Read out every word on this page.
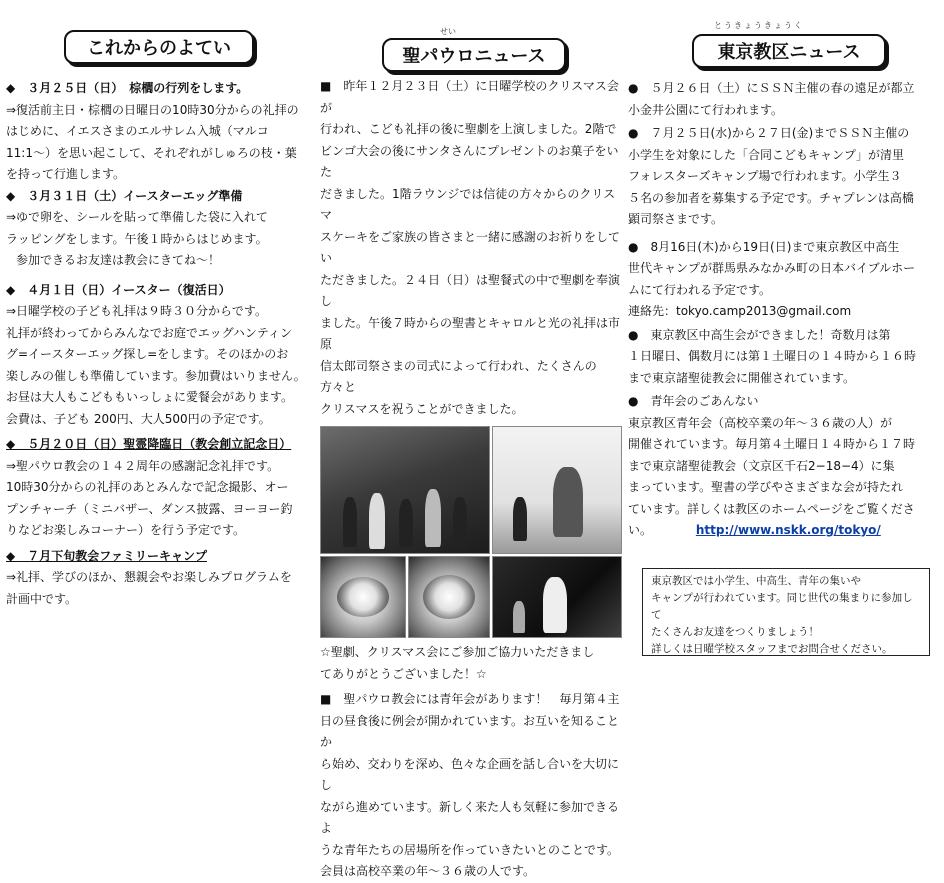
これからのよてい
◆　３月２５日（日）　棕櫚の行列をします。
⇒復活前主日・棕櫚の日曜日の10時30分からの礼拝の
はじめに、イエスさまのエルサレム入城（マルコ
11:1～）を思い起こして、それぞれがしゅろの枝・葉
を持って行進します。
◆　３月３１日（土）イースターエッグ準備
⇒ゆで卵を、シールを貼って準備した袋に入れて
ラッピングをします。午後１時からはじめます。
参加できるお友達は教会にきてね～！
◆　４月１日（日）イースター（復活日）
⇒日曜学校の子ども礼拝は９時３０分からです。
礼拝が終わってからみんなでお庭でエッグハンティン
グ=イースターエッグ探し=をします。そのほかのお
楽しみの催しも準備しています。参加費はいりません。
お昼は大人もこどももいっしょに愛餐会があります。
会費は、子ども 200円、大人500円の予定です。
◆　５月２０日（日）聖霊降臨日（教会創立記念日）
⇒聖パウロ教会の１４２周年の感謝記念礼拝です。
10時30分からの礼拝のあとみんなで記念撮影、オー
プンチャーチ（ミニバザー、ダンス披露、ヨーヨー釣
りなどお楽しみコーナー）を行う予定です。
◆　７月下旬教会ファミリーキャンプ
⇒礼拝、学びのほか、懇親会やお楽しみプログラムを
計画中です。
せい
聖パウロニュース
■　昨年１２月２３日（土）に日曜学校のクリスマス会が
行われ、こども礼拝の後に聖劇を上演しました。2階で
ビンゴ大会の後にサンタさんにプレゼントのお菓子をいた
だきました。1階ラウンジでは信徒の方々からのクリスマ
スケーキをご家族の皆さまと一緒に感謝のお祈りをしてい
ただきました。２４日（日）は聖餐式の中で聖劇を奉演し
ました。午後７時からの聖書とキャロルと光の礼拝は市原
信太郎司祭さまの司式によって行われ、たくさんの方々と
クリスマスを祝うことができました。
☆聖劇、クリスマス会にご参加ご協力いただきまし
てありがとうございました！☆
■　聖パウロ教会には青年会があります！　毎月第４主
日の昼食後に例会が開かれています。お互いを知ることか
ら始め、交わりを深め、色々な企画を話し合いを大切にし
ながら進めています。新しく来た人も気軽に参加できるよ
うな青年たちの居場所を作っていきたいとのことです。
会員は高校卒業の年～３６歳の人です。
とうきょうきょうく
東京教区ニュース
●　５月２６日（土）にＳＳＮ主催の春の遠足が都立
小金井公園にて行われます。
●　７月２５日(水)から２７日(金)までＳＳＮ主催の
小学生を対象にした「合同こどもキャンプ」が清里
フォレスターズキャンプ場で行われます。小学生３
５名の参加者を募集する予定です。チャプレンは高橋
顕司祭さまです。
●　8月16日(木)から19日(日)まで東京教区中高生
世代キャンプが群馬県みなかみ町の日本バイブルホー
ムにて行われる予定です。
連絡先：tokyo.camp2013@gmail.com
●　東京教区中高生会ができました！奇数月は第
１日曜日、偶数月には第１土曜日の１４時から１６時
まで東京諸聖徒教会に開催されています。
●　青年会のごあんない
東京教区青年会（高校卒業の年～３６歳の人）が
開催されています。毎月第４土曜日１４時から１７時
まで東京諸聖徒教会（文京区千石2−18−4）に集
まっています。聖書の学びやさまざまな会が持たれ
ています。詳しくは教区のホームページをご覧くださ
い。	http://www.nskk.org/tokyo/
東京教区では小学生、中高生、青年の集いや
キャンプが行われています。同じ世代の集まりに参加して
たくさんお友達をつくりましょう！
詳しくは日曜学校スタッフまでお問合せください。
